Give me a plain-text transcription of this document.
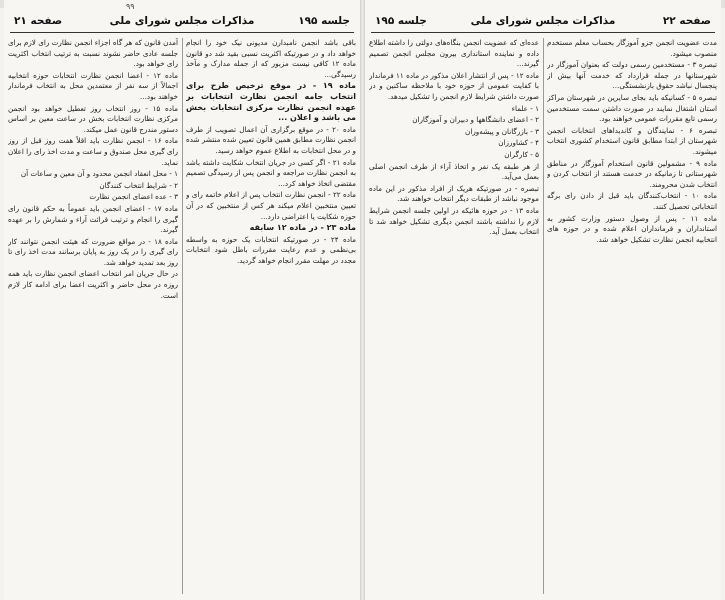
۹۹
جلسه ۱۹۵
مذاکرات مجلس شورای ملی
صفحه ۲۱

باقی باشد انجمن نامبدارن مدیونی نیک خود را انجام خواهد داد و در صورتیکه اکثریت نسبی بقید شد دو قانون ماده ۱۲ کافی نیست مزبور که از جمله مدارک و مآخذ رسیدگی...

ماده ۱۹ - در موقع ترخیص طرح برای انتخاب جامه انجمن نظارت انتخابات بر عهده انجمن نظارت مرکزی انتخابات بخش می باشد و اعلان ...

ماده ۲۰ - در موقع برگزاری آن اعمال تصویب از طرف انجمن نظارت مطابق همین قانون تعیین شده منتشر شده و در محل انتخابات به اطلاع عموم خواهد رسید.

ماده ۲۱ - اگر کسی در جریان انتخاب شکایت داشته باشد به انجمن نظارت مراجعه و انجمن پس از رسیدگی تصمیم مقتضی اتخاذ خواهد کرد...

ماده ۲۲ - انجمن نظارت انتخاب پس از اعلام خاتمه رای و تعیین منتخبین اعلام میکند هر کس از منتخبین که در آن حوزه شکایت یا اعتراضی دارد...

ماده ۲۳ - در ماده ۱۲ سابقه

ماده ۲۴ - در صورتیکه انتخابات یک حوزه به واسطه بی‌نظمی و عدم رعایت مقررات باطل شود انتخابات مجدد در مهلت مقرر انجام خواهد گردید.

آمدن قانون که هر گاه اجزاء انجمن نظارت رای لازم برای جلسه عادی حاضر نشوند نسبت به ترتیب انتخاب اکثریت رای خواهد بود.

ماده ۱۲ - اعضا انجمن نظارت انتخابات حوزه انتخابیه اجمالاً از سه نفر از معتمدین محل به انتخاب فرماندار خواهند بود...

ماده ۱۵ - روز انتخاب روز تعطیل خواهد بود انجمن مرکزی نظارت انتخابات بخش در ساعت معین بر اساس دستور مندرج قانون عمل میکند.

ماده ۱۶ - انجمن نظارت باید اقلاً هفت روز قبل از روز رای گیری محل صندوق و ساعت و مدت اخذ رای را اعلان نماید.

۱ - محل انعقاد انجمن محدود و آن معین و ساعات آن

۲ - شرایط انتخاب کنندگان

۳ - عده اعضای انجمن نظارت

ماده ۱۷ - اعضای انجمن باید عموماً به حکم قانون رای گیری را انجام و ترتیب قرائت آراء و شمارش را بر عهده گیرند.

ماده ۱۸ - در مواقع ضرورت که هیئت انجمن نتوانند کار رای گیری را در یک روز به پایان برسانند مدت اخذ رای تا روز بعد تمدید خواهد شد.

در حال جریان امر انتخاب اعضای انجمن نظارت باید همه روزه در محل حاضر و اکثریت اعضا برای ادامه کار لازم است.

صفحه ۲۲
مذاکرات مجلس شورای ملی
جلسه ۱۹۵

مدت عضویت انجمن جزو آموزگار بحساب معلم مستخدم منصوب میشود.

تبصره ۳ - مستخدمین رسمی دولت که بعنوان آموزگار در شهرستانها در جمله قرارداد که خدمت آنها بیش از پنجسال نباشد حقوق بازنشستگی...

تبصره ۵ - کسانیکه باید بجای سایرین در شهرستان مراکز استان اشتغال نمایند در صورت داشتن سمت مستخدمین رسمی تابع مقررات عمومی خواهند بود.

تبصره ۶ - نمایندگان و کاندیداهای انتخابات انجمن شهرستان از ابتدا مطابق قانون استخدام کشوری انتخاب میشوند.

ماده ۹ - مشمولین قانون استخدام آموزگار در مناطق شهرستانی تا زمانیکه در خدمت هستند از انتخاب کردن و انتخاب شدن محرومند.

ماده ۱۰ - انتخاب‌کنندگان باید قبل از دادن رای برگه انتخاباتی تحصیل کنند.

ماده ۱۱ - پس از وصول دستور وزارت کشور به استانداران و فرمانداران اعلام شده و در حوزه های انتخابیه انجمن نظارت تشکیل خواهد شد.

عده‌ای که عضویت انجمن بنگاه‌های دولتی را داشته اطلاع داده و نماینده استانداری بیرون مجلس انجمن تصمیم گیرند...

ماده ۱۲ - پس از انتشار اعلان مذکور در ماده ۱۱ فرماندار با کفایت عمومی از حوزه خود با ملاحظه ساکنین و در صورت داشتن شرایط لازم انجمن را تشکیل میدهد.

۱ - علماء

۲ - اعضای دانشگاهها و دبیران و آموزگاران

۳ - بازرگانان و پیشه‌وران

۴ - کشاورزان

۵ - کارگران

از هر طبقه یک نفر و اتخاذ آراء از طرف انجمن اصلی بعمل می‌آید.

تبصره - در صورتیکه هریک از افراد مذکور در این ماده موجود نباشد از طبقات دیگر انتخاب خواهند شد.

ماده ۱۳ - در حوزه هائیکه در اولین جلسه انجمن شرایط لازم را نداشته باشند انجمن دیگری تشکیل خواهد شد تا انتخاب بعمل آید.
